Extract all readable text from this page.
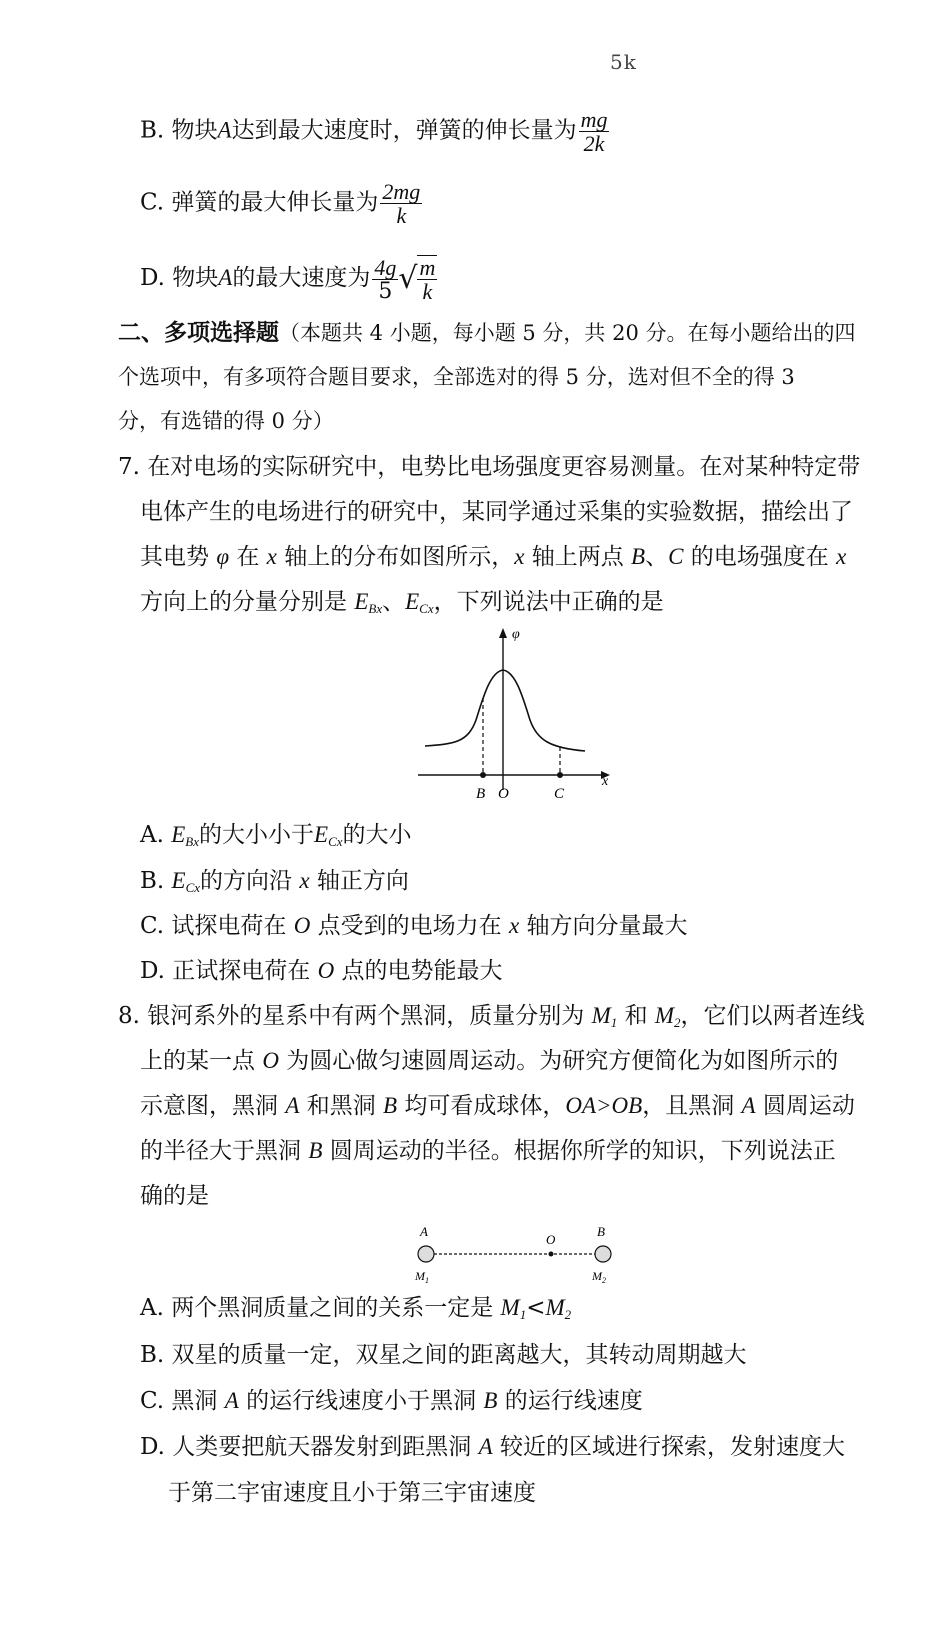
5k
B. 物块A达到最大速度时，弹簧的伸长量为 $\frac{mg}{2k}$
C. 弹簧的最大伸长量为 $\frac{2mg}{k}$
D. 物块A的最大速度为 $\frac{4g}{5}$ √ $\frac{m}{k}$
二、多项选择题（本题共 4 小题，每小题 5 分，共 20 分。在每小题给出的四
个选项中，有多项符合题目要求，全部选对的得 5 分，选对但不全的得 3
分，有选错的得 0 分）
7. 在对电场的实际研究中，电势比电场强度更容易测量。在对某种特定带
电体产生的电场进行的研究中，某同学通过采集的实验数据，描绘出了
其电势 φ 在 x 轴上的分布如图所示，x 轴上两点 B、C 的电场强度在 x
方向上的分量分别是 $E_{Bx}$、$E_{Cx}$，下列说法中正确的是
φ
x
B O	C
A. $E_{Bx}$的大小小于$E_{Cx}$的大小
B. $E_{Cx}$的方向沿 x 轴正方向
C. 试探电荷在 O 点受到的电场力在 x 轴方向分量最大
D. 正试探电荷在 O 点的电势能最大
8. 银河系外的星系中有两个黑洞，质量分别为 $M_1$ 和 $M_2$，它们以两者连线
上的某一点 O 为圆心做匀速圆周运动。为研究方便简化为如图所示的
示意图，黑洞 A 和黑洞 B 均可看成球体，OA>OB，且黑洞 A 圆周运动
的半径大于黑洞 B 圆周运动的半径。根据你所学的知识，下列说法正
确的是
A
O
B
$M_1$	$M_2$
A. 两个黑洞质量之间的关系一定是 $M_1<M_2$
B. 双星的质量一定，双星之间的距离越大，其转动周期越大
C. 黑洞 A 的运行线速度小于黑洞 B 的运行线速度
D. 人类要把航天器发射到距黑洞 A 较近的区域进行探索，发射速度大
于第二宇宙速度且小于第三宇宙速度
